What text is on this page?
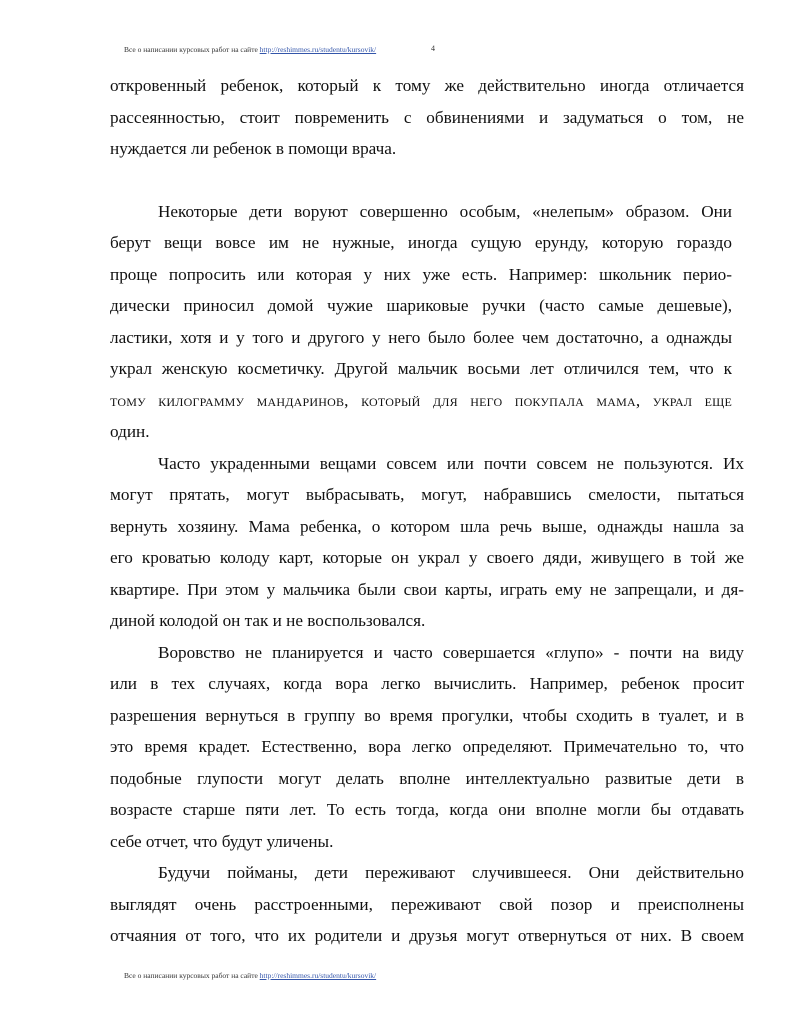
Все о написании курсовых работ на сайте http://reshimmes.ru/studentu/kursovik/	4
откровенный ребенок, который к тому же действительно иногда отличается
рассеянностью, стоит повременить с обвинениями и задуматься о том, не
нуждается ли ребенок в помощи врача.
Некоторые дети воруют совершенно особым, «нелепым» образом. Они
берут вещи вовсе им не нужные, иногда сущую ерунду, которую гораздо
проще попросить или которая у них уже есть. Например: школьник перио-
дически приносил домой чужие шариковые ручки (часто самые дешевые),
ластики, хотя и у того и другого у него было более чем достаточно, а однажды
украл женскую косметичку. Другой мальчик восьми лет отличился тем, что к
тому килограмму мандаринов, который для него покупала мама, украл еще
один.
Часто украденными вещами совсем или почти совсем не пользуются. Их
могут прятать, могут выбрасывать, могут, набравшись смелости, пытаться
вернуть хозяину. Мама ребенка, о котором шла речь выше, однажды нашла за
его кроватью колоду карт, которые он украл у своего дяди, живущего в той же
квартире. При этом у мальчика были свои карты, играть ему не запрещали, и дя-
диной колодой он так и не воспользовался.
Воровство не планируется и часто совершается «глупо» - почти на виду
или в тех случаях, когда вора легко вычислить. Например, ребенок просит
разрешения вернуться в группу во время прогулки, чтобы сходить в туалет, и в
это время крадет. Естественно, вора легко определяют. Примечательно то, что
подобные глупости могут делать вполне интеллектуально развитые дети в
возрасте старше пяти лет. То есть тогда, когда они вполне могли бы отдавать
себе отчет, что будут уличены.
Будучи пойманы, дети переживают случившееся. Они действительно
выглядят очень расстроенными, переживают свой позор и преисполнены
отчаяния от того, что их родители и друзья могут отвернуться от них. В своем
Все о написании курсовых работ на сайте http://reshimmes.ru/studentu/kursovik/
